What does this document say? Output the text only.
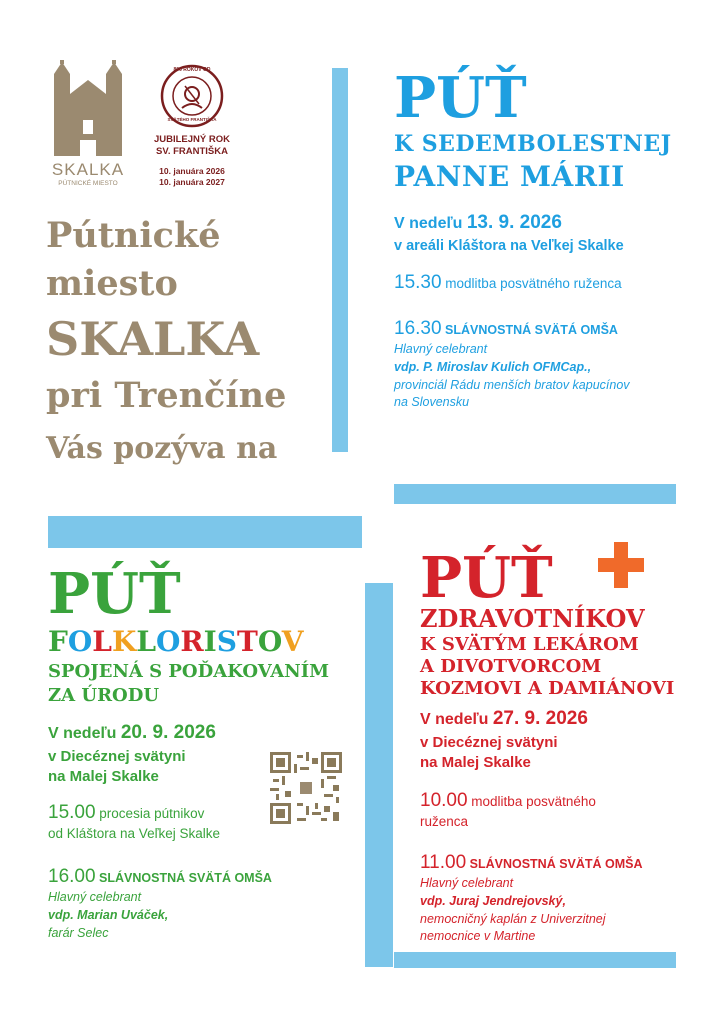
SKALKA
PÚTNICKÉ MIESTO
800 ROKOV OD
SVÄTÉHO FRANTIŠKA
JUBILEJNÝ ROK
SV. FRANTIŠKA
10. januára 2026
10. januára 2027
Pútnické
miesto
SKALKA
pri Trenčíne
Vás pozýva na
PÚŤ
K SEDEMBOLESTNEJ
PANNE MÁRII
V nedeľu 13. 9. 2026
v areáli Kláštora na Veľkej Skalke
15.30 modlitba posvätného ruženca
16.30 SLÁVNOSTNÁ SVÄTÁ OMŠA
Hlavný celebrant
vdp. P. Miroslav Kulich OFMCap.,
provinciál Rádu menších bratov kapucínov
na Slovensku
PÚŤ
FOLKLORISTOV
SPOJENÁ S POĎAKOVANÍM
ZA ÚRODU
V nedeľu 20. 9. 2026
v Diecéznej svätyni
na Malej Skalke
15.00 procesia pútnikov
od Kláštora na Veľkej Skalke
16.00 SLÁVNOSTNÁ SVÄTÁ OMŠA
Hlavný celebrant
vdp. Marian Uváček,
farár Selec
PÚŤ
ZDRAVOTNÍKOV
K SVÄTÝM LEKÁROM
A DIVOTVORCOM
KOZMOVI A DAMIÁNOVI
V nedeľu 27. 9. 2026
v Diecéznej svätyni
na Malej Skalke
10.00 modlitba posvätného
ruženca
11.00 SLÁVNOSTNÁ SVÄTÁ OMŠA
Hlavný celebrant
vdp. Juraj Jendrejovský,
nemocničný kaplán z Univerzitnej
nemocnice v Martine
